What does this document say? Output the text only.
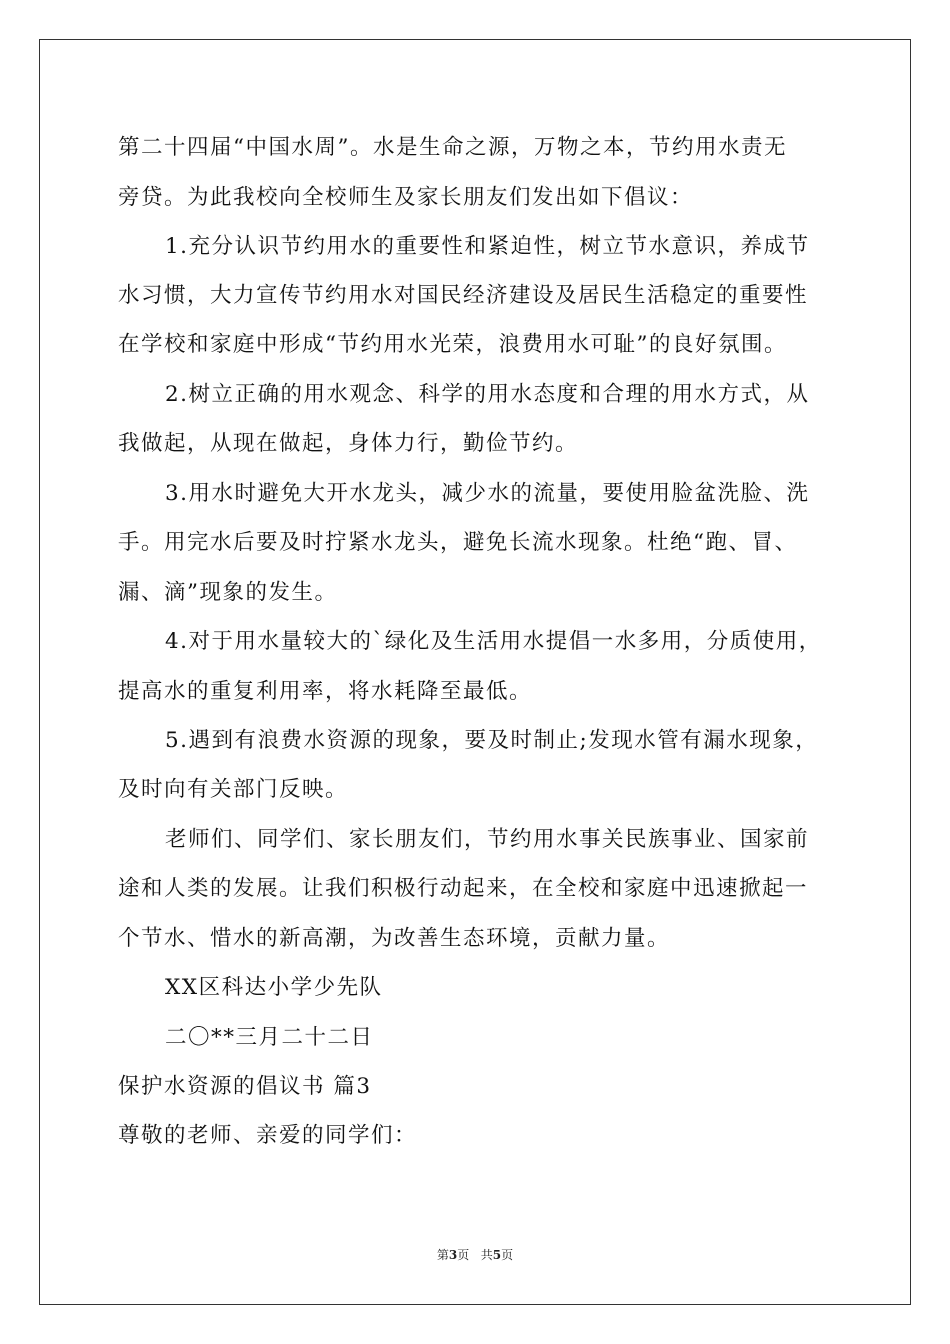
第二十四届“中国水周”。水是生命之源，万物之本，节约用水责无
旁贷。为此我校向全校师生及家长朋友们发出如下倡议：
1.充分认识节约用水的重要性和紧迫性，树立节水意识，养成节
水习惯，大力宣传节约用水对国民经济建设及居民生活稳定的重要性
在学校和家庭中形成“节约用水光荣，浪费用水可耻”的良好氛围。
2.树立正确的用水观念、科学的用水态度和合理的用水方式，从
我做起，从现在做起，身体力行，勤俭节约。
3.用水时避免大开水龙头，减少水的流量，要使用脸盆洗脸、洗
手。用完水后要及时拧紧水龙头，避免长流水现象。杜绝“跑、冒、
漏、滴”现象的发生。
4.对于用水量较大的`绿化及生活用水提倡一水多用，分质使用，
提高水的重复利用率，将水耗降至最低。
5.遇到有浪费水资源的现象，要及时制止;发现水管有漏水现象，
及时向有关部门反映。
老师们、同学们、家长朋友们，节约用水事关民族事业、国家前
途和人类的发展。让我们积极行动起来，在全校和家庭中迅速掀起一
个节水、惜水的新高潮，为改善生态环境，贡献力量。
XX区科达小学少先队
二〇**三月二十二日
保护水资源的倡议书 篇3
尊敬的老师、亲爱的同学们：
第3页   共5页
